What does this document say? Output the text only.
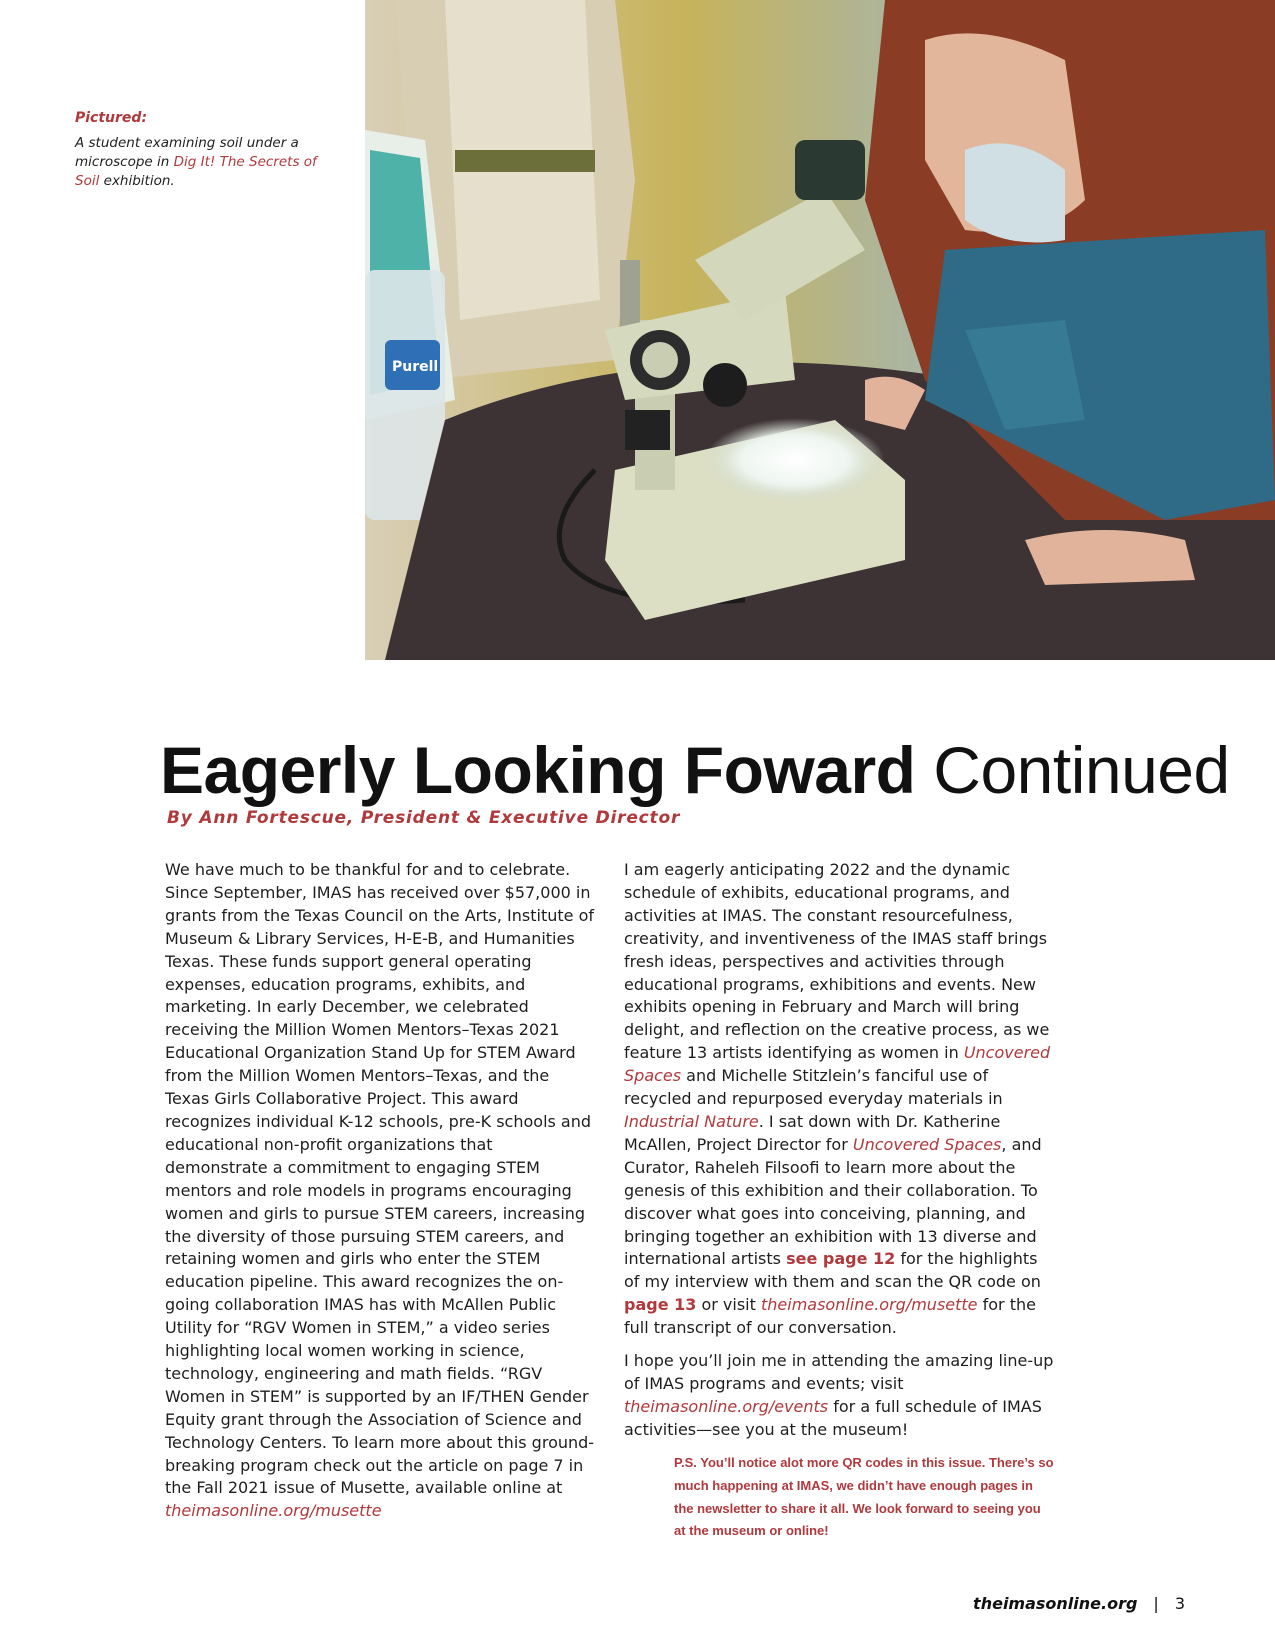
Pictured:
A student examining soil under a microscope in Dig It! The Secrets of Soil exhibition.
Purell
Eagerly Looking Foward Continued
By Ann Fortescue, President & Executive Director

We have much to be thankful for and to celebrate. Since September, IMAS has received over $57,000 in grants from the Texas Council on the Arts, Institute of Museum & Library Services, H-E-B, and Humanities Texas. These funds support general operating expenses, education programs, exhibits, and marketing. In early December, we celebrated receiving the Million Women Mentors–Texas 2021 Educational Organization Stand Up for STEM Award from the Million Women Mentors–Texas, and the Texas Girls Collaborative Project. This award recognizes individual K-12 schools, pre-K schools and educational non-profit organizations that demonstrate a commitment to engaging STEM mentors and role models in programs encouraging women and girls to pursue STEM careers, increasing the diversity of those pursuing STEM careers, and retaining women and girls who enter the STEM education pipeline. This award recognizes the on-going collaboration IMAS has with McAllen Public Utility for “RGV Women in STEM,” a video series highlighting local women working in science, technology, engineering and math fields. “RGV Women in STEM” is supported by an IF/THEN Gender Equity grant through the Association of Science and Technology Centers. To learn more about this ground-breaking program check out the article on page 7 in the Fall 2021 issue of Musette, available online at theimasonline.org/musette

I am eagerly anticipating 2022 and the dynamic schedule of exhibits, educational programs, and activities at IMAS. The constant resourcefulness, creativity, and inventiveness of the IMAS staff brings fresh ideas, perspectives and activities through educational programs, exhibitions and events. New exhibits opening in February and March will bring delight, and reflection on the creative process, as we feature 13 artists identifying as women in Uncovered Spaces and Michelle Stitzlein’s fanciful use of recycled and repurposed everyday materials in Industrial Nature. I sat down with Dr. Katherine McAllen, Project Director for Uncovered Spaces, and Curator, Raheleh Filsoofi to learn more about the genesis of this exhibition and their collaboration. To discover what goes into conceiving, planning, and bringing together an exhibition with 13 diverse and international artists see page 12 for the highlights of my interview with them and scan the QR code on page 13 or visit theimasonline.org/musette for the full transcript of our conversation.

I hope you’ll join me in attending the amazing line-up of IMAS programs and events; visit theimasonline.org/events for a full schedule of IMAS activities—see you at the museum!

P.S. You’ll notice alot more QR codes in this issue. There’s so much happening at IMAS, we didn’t have enough pages in the newsletter to share it all. We look forward to seeing you at the museum or online!
theimasonline.org | 3
